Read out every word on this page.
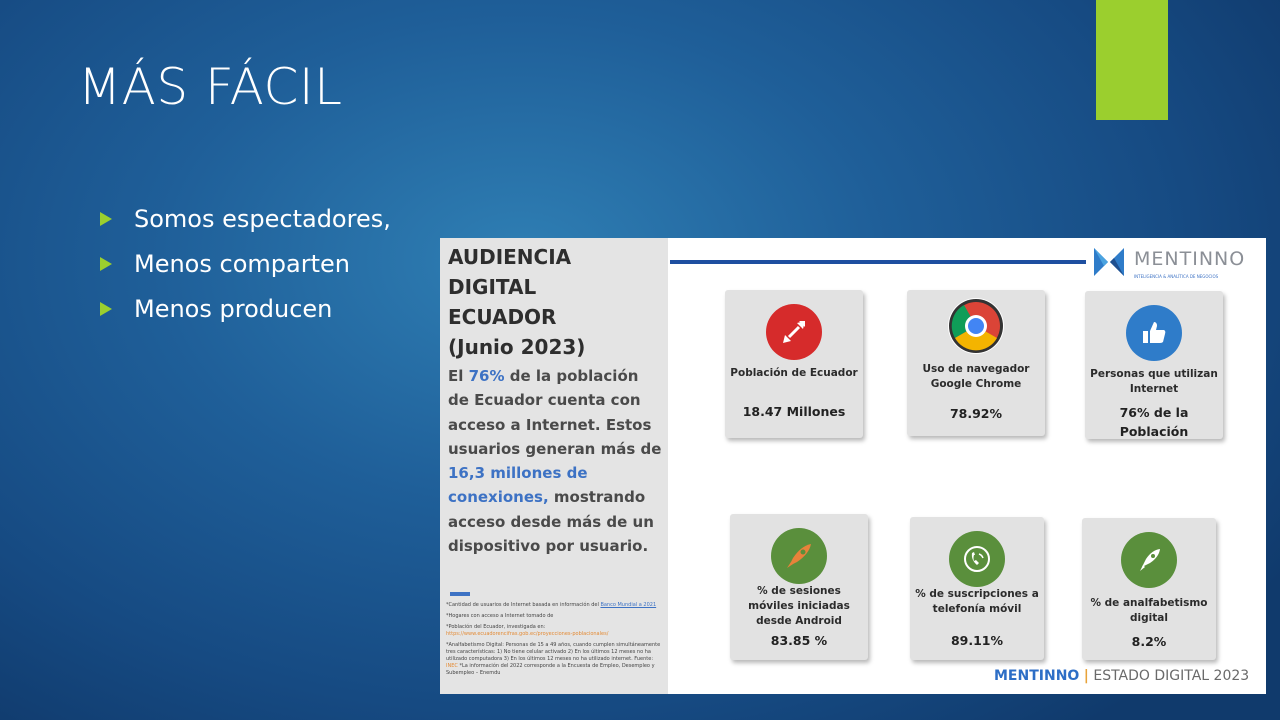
MÁS FÁCIL
Somos espectadores,
Menos comparten
Menos producen
AUDIENCIA
DIGITAL
ECUADOR
(Junio 2023)
El 76% de la población de Ecuador cuenta con acceso a Internet. Estos usuarios generan más de 16,3 millones de conexiones, mostrando acceso desde más de un dispositivo por usuario.

*Cantidad de usuarios de Internet basada en información del Banco Mundial a 2021

*Hogares con acceso a Internet tomado de

*Población del Ecuador, investigada en:
https://www.ecuadorencifras.gob.ec/proyecciones-poblacionales/

*Analfabetismo Digital: Personas de 15 a 49 años, cuando cumplen simultáneamente tres características: 1) No tiene celular activado 2) En los últimos 12 meses no ha utilizado computadora 3) En los últimos 12 meses no ha utilizado internet. Fuente: INEC *La información del 2022 corresponde a la Encuesta de Empleo, Desempleo y Subempleo – Enemdu

MENTINNO
INTELIGENCIA & ANALÍTICA DE NEGOCIOS
Población de Ecuador
18.47 Millones
Uso de navegador Google Chrome
78.92%
Personas que utilizan Internet
76% de la Población
% de sesiones móviles iniciadas desde Android
83.85 %
% de suscripciones a telefonía móvil
89.11%
% de analfabetismo digital
8.2%
MENTINNO | ESTADO DIGITAL 2023
